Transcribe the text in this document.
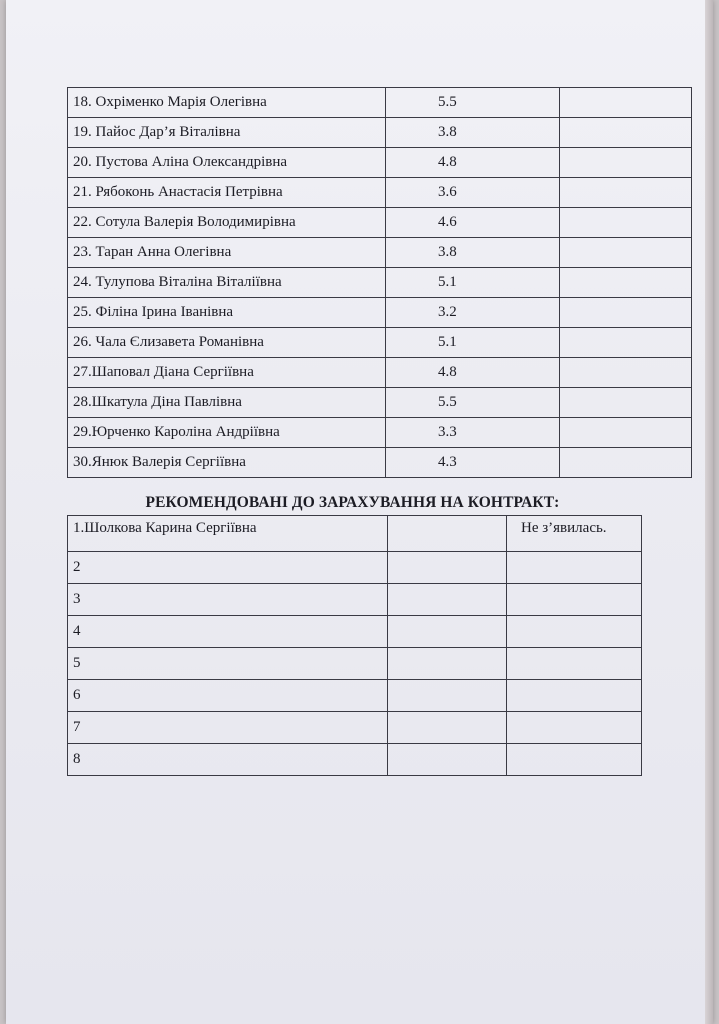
18. Охріменко Марія Олегівна	5.5	
19. Пайос Дар’я Віталівна	3.8	
20. Пустова Аліна Олександрівна	4.8	
21. Рябоконь Анастасія Петрівна	3.6	
22. Сотула Валерія Володимирівна	4.6	
23. Таран Анна Олегівна	3.8	
24. Тулупова Віталіна Віталіївна	5.1	
25. Філіна Ірина Іванівна	3.2	
26. Чала Єлизавета Романівна	5.1	
27.Шаповал Діана Сергіївна	4.8	
28.Шкатула Діна Павлівна	5.5	
29.Юрченко Кароліна Андріївна	3.3	
30.Янюк Валерія Сергіївна	4.3	
РЕКОМЕНДОВАНІ ДО ЗАРАХУВАННЯ НА КОНТРАКТ:
1.Шолкова Карина Сергіївна		Не з’явилась.
2		
3		
4		
5		
6		
7		
8		
